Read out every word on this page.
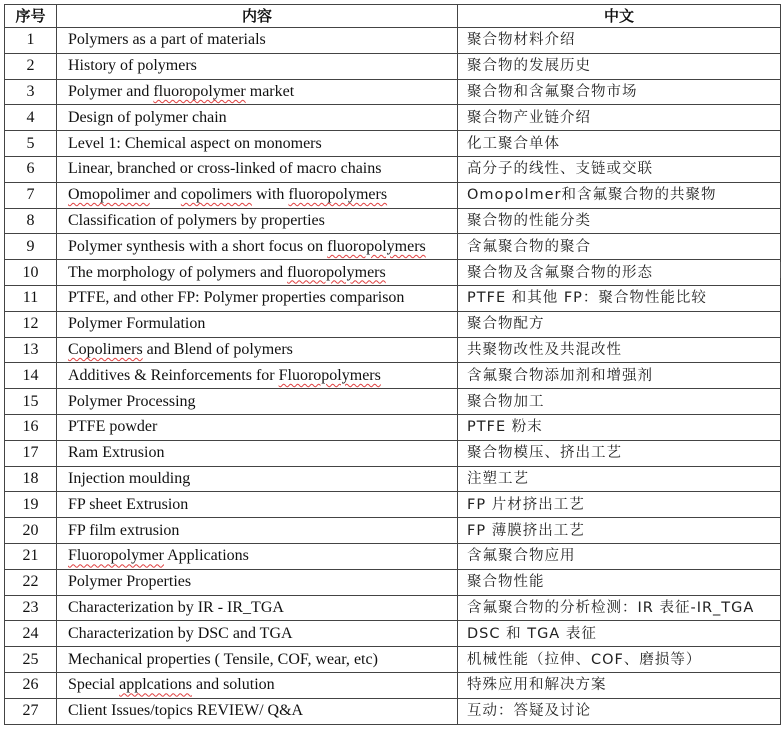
序号	内容	中文
1	Polymers as a part of materials	聚合物材料介绍
2	History of polymers	聚合物的发展历史
3	Polymer and fluoropolymer market	聚合物和含氟聚合物市场
4	Design of polymer chain	聚合物产业链介绍
5	Level 1: Chemical aspect on monomers	化工聚合单体
6	Linear, branched or cross-linked of macro chains	高分子的线性、支链或交联
7	Omopolimer and copolimers with fluoropolymers	Omopolmer和含氟聚合物的共聚物
8	Classification of polymers by properties	聚合物的性能分类
9	Polymer synthesis with a short focus on fluoropolymers	含氟聚合物的聚合
10	The morphology of polymers and fluoropolymers	聚合物及含氟聚合物的形态
11	PTFE, and other FP: Polymer properties comparison	PTFE 和其他 FP：聚合物性能比较
12	Polymer Formulation	聚合物配方
13	Copolimers and Blend of polymers	共聚物改性及共混改性
14	Additives & Reinforcements for Fluoropolymers	含氟聚合物添加剂和增强剂
15	Polymer Processing	聚合物加工
16	PTFE powder	PTFE 粉末
17	Ram Extrusion	聚合物模压、挤出工艺
18	Injection moulding	注塑工艺
19	FP sheet Extrusion	FP 片材挤出工艺
20	FP film extrusion	FP 薄膜挤出工艺
21	Fluoropolymer Applications	含氟聚合物应用
22	Polymer Properties	聚合物性能
23	Characterization by IR - IR_TGA	含氟聚合物的分析检测：IR 表征-IR_TGA
24	Characterization by DSC and TGA	DSC 和 TGA 表征
25	Mechanical properties ( Tensile, COF, wear, etc)	机械性能（拉伸、COF、磨损等）
26	Special applcations and solution	特殊应用和解决方案
27	Client Issues/topics REVIEW/ Q&A	互动：答疑及讨论
